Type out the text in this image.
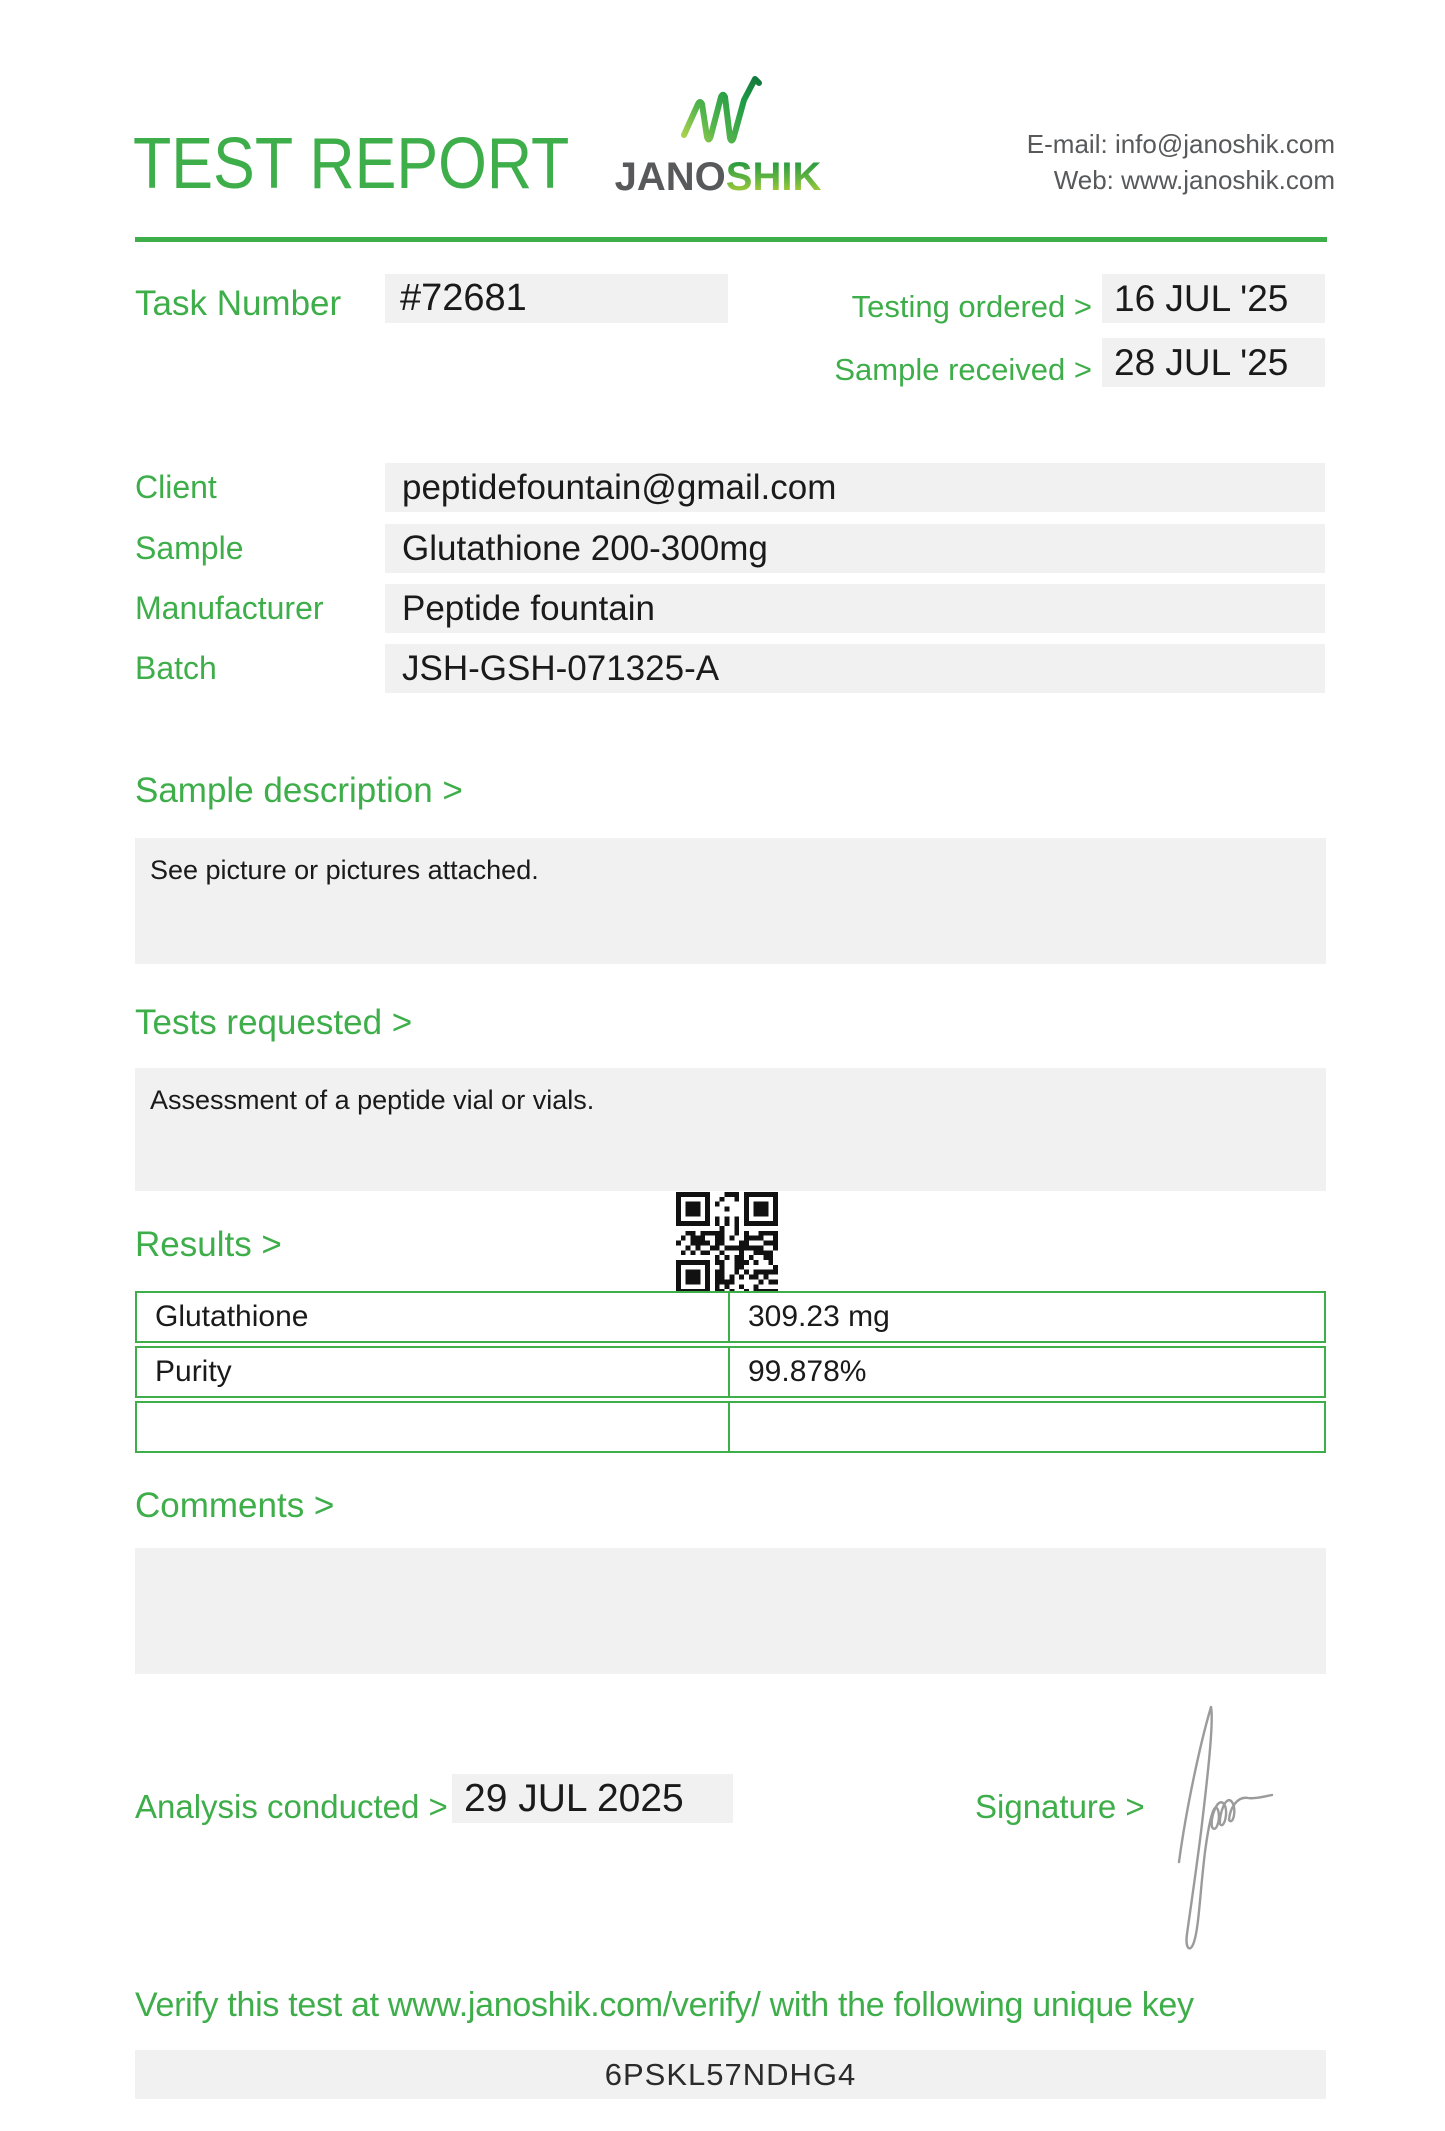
TEST REPORT JANOSHIK
E-mail: info@janoshik.com
Web: www.janoshik.com
Task Number	#72681	Testing ordered > 16 JUL '25
Sample received > 28 JUL '25
Client	peptidefountain@gmail.com
Sample	Glutathione 200-300mg
Manufacturer	Peptide fountain
Batch	JSH-GSH-071325-A
Sample description >
See picture or pictures attached.
Tests requested >
Assessment of a peptide vial or vials.
Results >
Glutathione	309.23 mg
Purity	99.878%
Comments >
Analysis conducted > 29 JUL 2025	Signature >
Verify this test at www.janoshik.com/verify/ with the following unique key
6PSKL57NDHG4
